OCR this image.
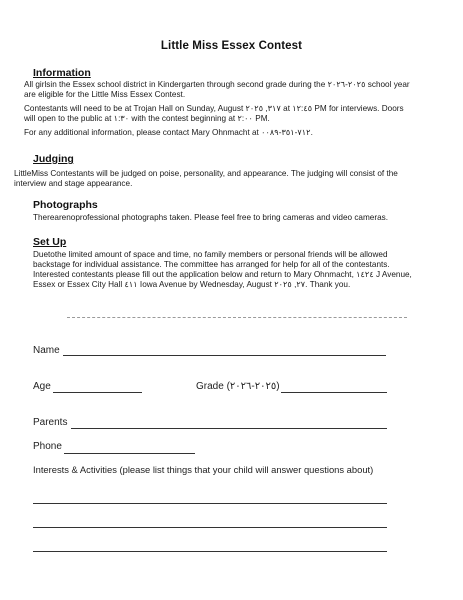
Little Miss Essex Contest
Information
All girlsin the Essex school district in Kindergarten through second grade during the ٢٠٢٥-٢٠٢٦ school year
are eligible for the Little Miss Essex Contest.
Contestants will need to be at Trojan Hall on Sunday, August ٣١٧, ٢٠٢٥ at ١٢:٤٥ PM for interviews. Doors
will open to the public at ١:٣٠ with the contest beginning at ٢:٠٠ PM.
For any additional information, please contact Mary Ohnmacht at ٧١٢-٣٥١-٠٠٨٩.
Judging
LittleMiss Contestants will be judged on poise, personality, and appearance. The judging will consist of the
interview and stage appearance.
Photographs
Therearenoprofessional photographs taken. Please feel free to bring cameras and video cameras.
Set Up
Duetothe limited amount of space and time, no family members or personal friends will be allowed
backstage for individual assistance. The committee has arranged for help for all of the contestants.
Interested contestants please fill out the application below and return to Mary Ohnmacht, ١٤٢٤ J Avenue,
Essex or Essex City Hall ٤١١ Iowa Avenue by Wednesday, August ٢٧, ٢٠٢٥. Thank you.
Name
Age	Grade (٢٠٢٥-٢٠٢٦)
Parents
Phone
Interests & Activities (please list things that your child will answer questions about)
